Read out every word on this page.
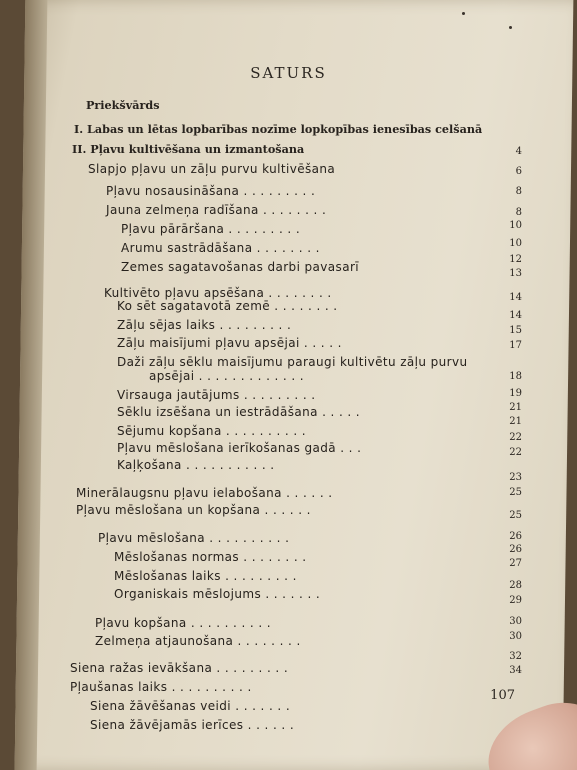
SATURS
Priekšvārds
I. Labas un lētas lopbarības nozīme lopkopības ienesības celšanā
II. Pļavu kultivēšana un izmantošana
Slapjo pļavu un zāļu purvu kultivēšana
Pļavu nosausināšana . . . . . . . . .
Jauna zelmeņa radīšana . . . . . . . .
Pļavu pārāršana . . . . . . . . .
Arumu sastrādāšana . . . . . . . .
Zemes sagatavošanas darbi pavasarī
Kultivēto pļavu apsēšana . . . . . . . .
Ko sēt sagatavotā zemē . . . . . . . .
Zāļu sējas laiks . . . . . . . . .
Zāļu maisījumi pļavu apsējai . . . . .
Daži zāļu sēklu maisījumu paraugi kultivētu zāļu purvu
apsējai . . . . . . . . . . . . .
Virsauga jautājums . . . . . . . . .
Sēklu izsēšana un iestrādāšana . . . . .
Sējumu kopšana . . . . . . . . . .
Pļavu mēslošana ierīkošanas gadā . . .
Kaļķošana . . . . . . . . . . .
Minerālaugsnu pļavu ielabošana . . . . . .
Pļavu mēslošana un kopšana . . . . . .
Pļavu mēslošana . . . . . . . . . .
Mēslošanas normas . . . . . . . .
Mēslošanas laiks . . . . . . . . .
Organiskais mēslojums . . . . . . .
Pļavu kopšana . . . . . . . . . .
Zelmeņa atjaunošana . . . . . . . .
Siena ražas ievākšana . . . . . . . . .
Pļaušanas laiks . . . . . . . . . .
Siena žāvēšanas veidi . . . . . . .
Siena žāvējamās ierīces . . . . . .
4
6
8
8
10
10
12
13
14
14
15
17
18
19
21
21
22
22
23
25
25
26
26
27
28
29
30
30
32
34
107
